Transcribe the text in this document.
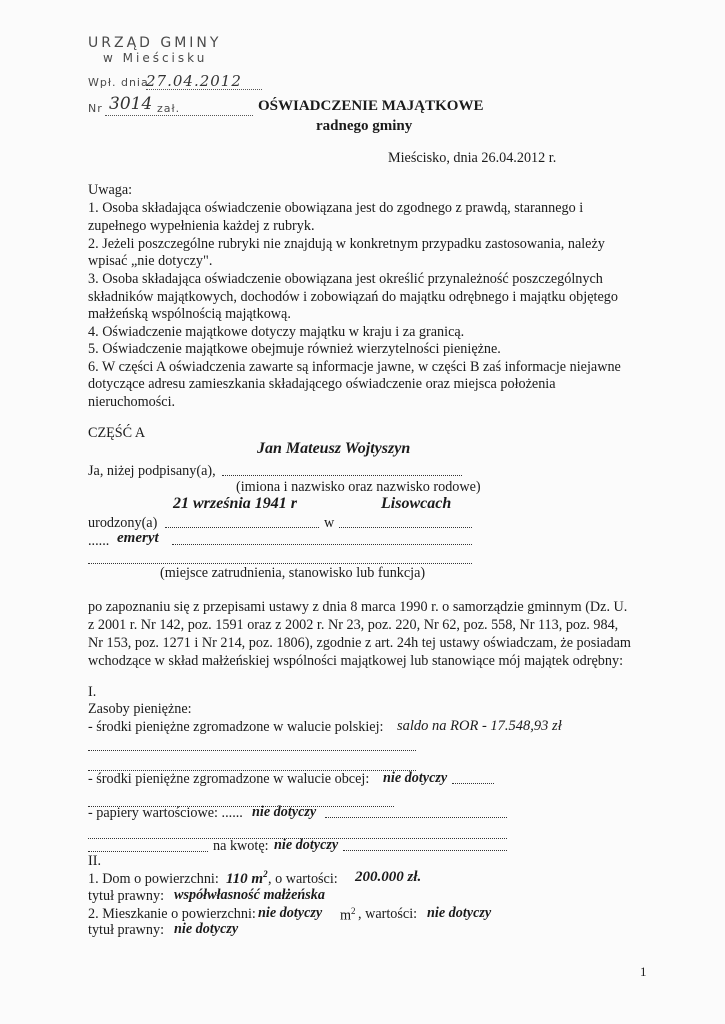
URZĄD GMINY
w Mieścisku
Wpł. dnia
27.04.2012
Nr 3014 zał.	OŚWIADCZENIE MAJĄTKOWE
radnego gminy
Mieścisko, dnia 26.04.2012 r.
Uwaga:
1. Osoba składająca oświadczenie obowiązana jest do zgodnego z prawdą, starannego i
zupełnego wypełnienia każdej z rubryk.
2. Jeżeli poszczególne rubryki nie znajdują w konkretnym przypadku zastosowania, należy
wpisać „nie dotyczy".
3. Osoba składająca oświadczenie obowiązana jest określić przynależność poszczególnych
składników majątkowych, dochodów i zobowiązań do majątku odrębnego i majątku objętego
małżeńską wspólnością majątkową.
4. Oświadczenie majątkowe dotyczy majątku w kraju i za granicą.
5. Oświadczenie majątkowe obejmuje również wierzytelności pieniężne.
6. W części A oświadczenia zawarte są informacje jawne, w części B zaś informacje niejawne
dotyczące adresu zamieszkania składającego oświadczenie oraz miejsca położenia
nieruchomości.
CZĘŚĆ A
Jan Mateusz Wojtyszyn
Ja, niżej podpisany(a),
(imiona i nazwisko oraz nazwisko rodowe)
21 września 1941 r	Lisowcach
urodzony(a)	w
...... emeryt
(miejsce zatrudnienia, stanowisko lub funkcja)
po zapoznaniu się z przepisami ustawy z dnia 8 marca 1990 r. o samorządzie gminnym (Dz. U.
z 2001 r. Nr 142, poz. 1591 oraz z 2002 r. Nr 23, poz. 220, Nr 62, poz. 558, Nr 113, poz. 984,
Nr 153, poz. 1271 i Nr 214, poz. 1806), zgodnie z art. 24h tej ustawy oświadczam, że posiadam
wchodzące w skład małżeńskiej wspólności majątkowej lub stanowiące mój majątek odrębny:
I.
Zasoby pieniężne:
- środki pieniężne zgromadzone w walucie polskiej: saldo na ROR - 17.548,93 zł
- środki pieniężne zgromadzone w walucie obcej: nie dotyczy
- papiery wartościowe: ...... nie dotyczy
na kwotę: nie dotyczy
II.
1. Dom o powierzchni: 110 $m^2$ , o wartości: 200.000 zł.
tytuł prawny: współwłasność małżeńska
2. Mieszkanie o powierzchni: nie dotyczy $m^2$ , wartości: nie dotyczy
tytuł prawny: nie dotyczy
1
